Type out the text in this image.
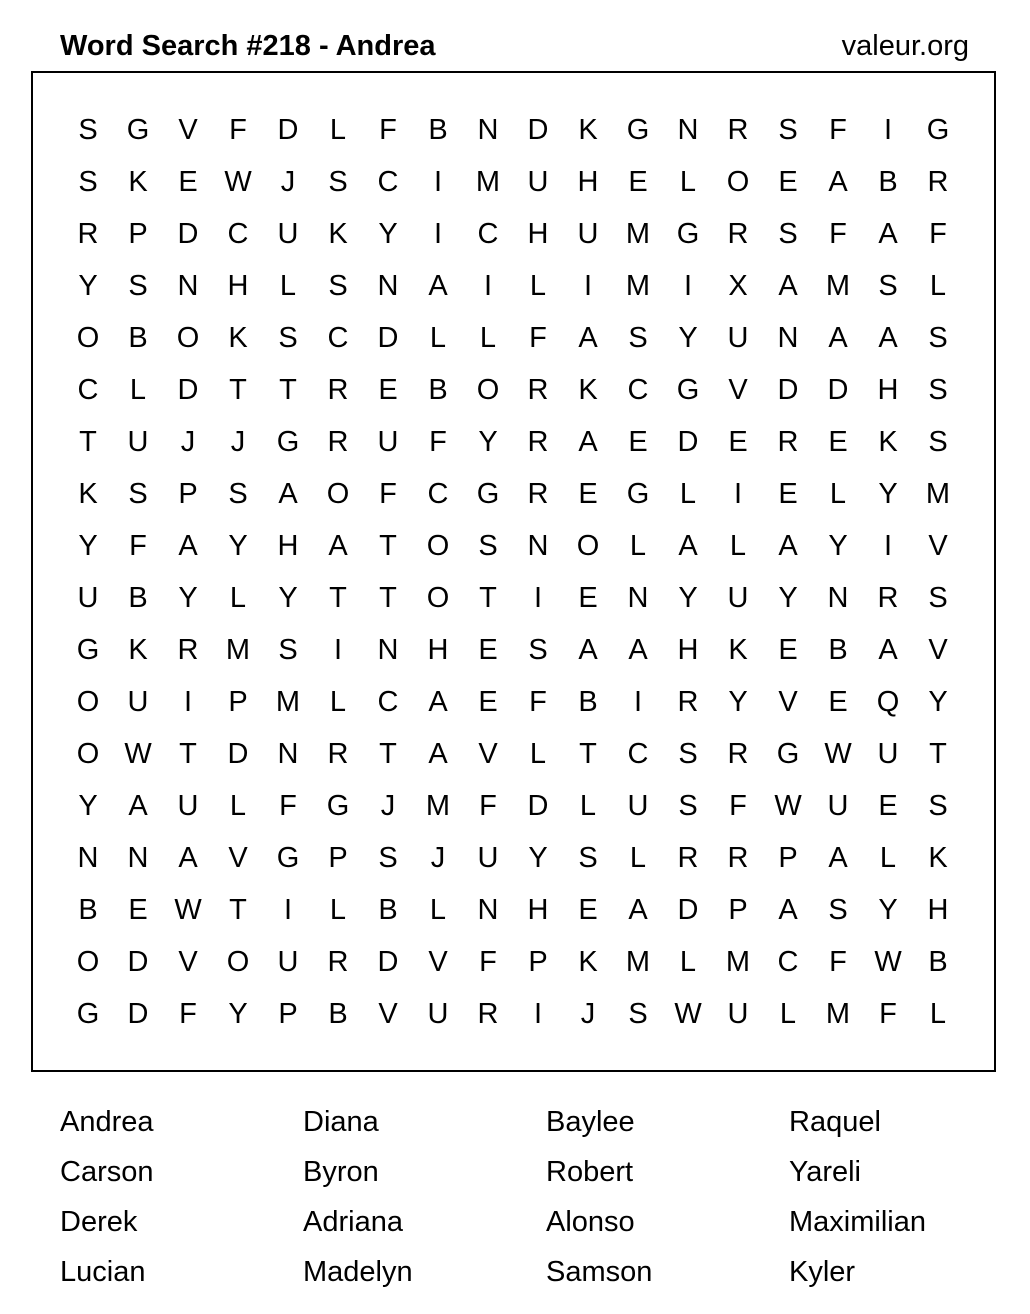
Word Search #218 - Andrea	valeur.org
S	G	V	F	D	L	F	B	N	D	K	G N	R	S	F	I	G
S	K	E W	J	S	C	I	M U	H	E	L	O	E	A	B	R
R	P	D	C	U	K	Y	I	C	H	U M G R	S	F	A	F
Y	S	N	H	L	S	N	A	I	L	I	M	I	X	A M S	L
O	B	O	K	S	C	D	L	L	F	A	S	Y	U	N	A	A	S
C	L	D	T	T	R	E	B	O R	K	C G	V	D	D	H	S
T	U	J	J	G R	U	F	Y	R	A	E	D	E	R	E	K	S
K	S	P	S	A	O	F	C G R	E	G	L	I	E	L	Y M
Y	F	A	Y	H	A	T	O	S	N O	L	A	L	A	Y	I	V
U	B	Y	L	Y	T	T	O	T	I	E	N	Y	U	Y	N	R	S
G	K	R M S	I	N	H	E	S	A	A	H	K	E	B	A	V
O U	I	P M	L	C	A	E	F	B	I	R	Y	V	E	Q	Y
O W T	D	N	R	T	A	V	L	T	C	S	R G W U	T
Y	A	U	L	F	G	J	M	F	D	L	U	S	F W U	E	S
N	N	A	V	G	P	S	J	U	Y	S	L	R	R	P	A	L	K
B	E W T	I	L	B	L	N	H	E	A	D	P	A	S	Y	H
O D	V	O U	R	D	V	F	P	K M	L	M C	F W B
G D	F	Y	P	B	V	U	R	I	J	S W U	L	M	F	L
Andrea	Diana	Baylee	Raquel
Carson	Byron	Robert	Yareli
Derek	Adriana	Alonso	Maximilian
Lucian	Madelyn	Samson	Kyler
